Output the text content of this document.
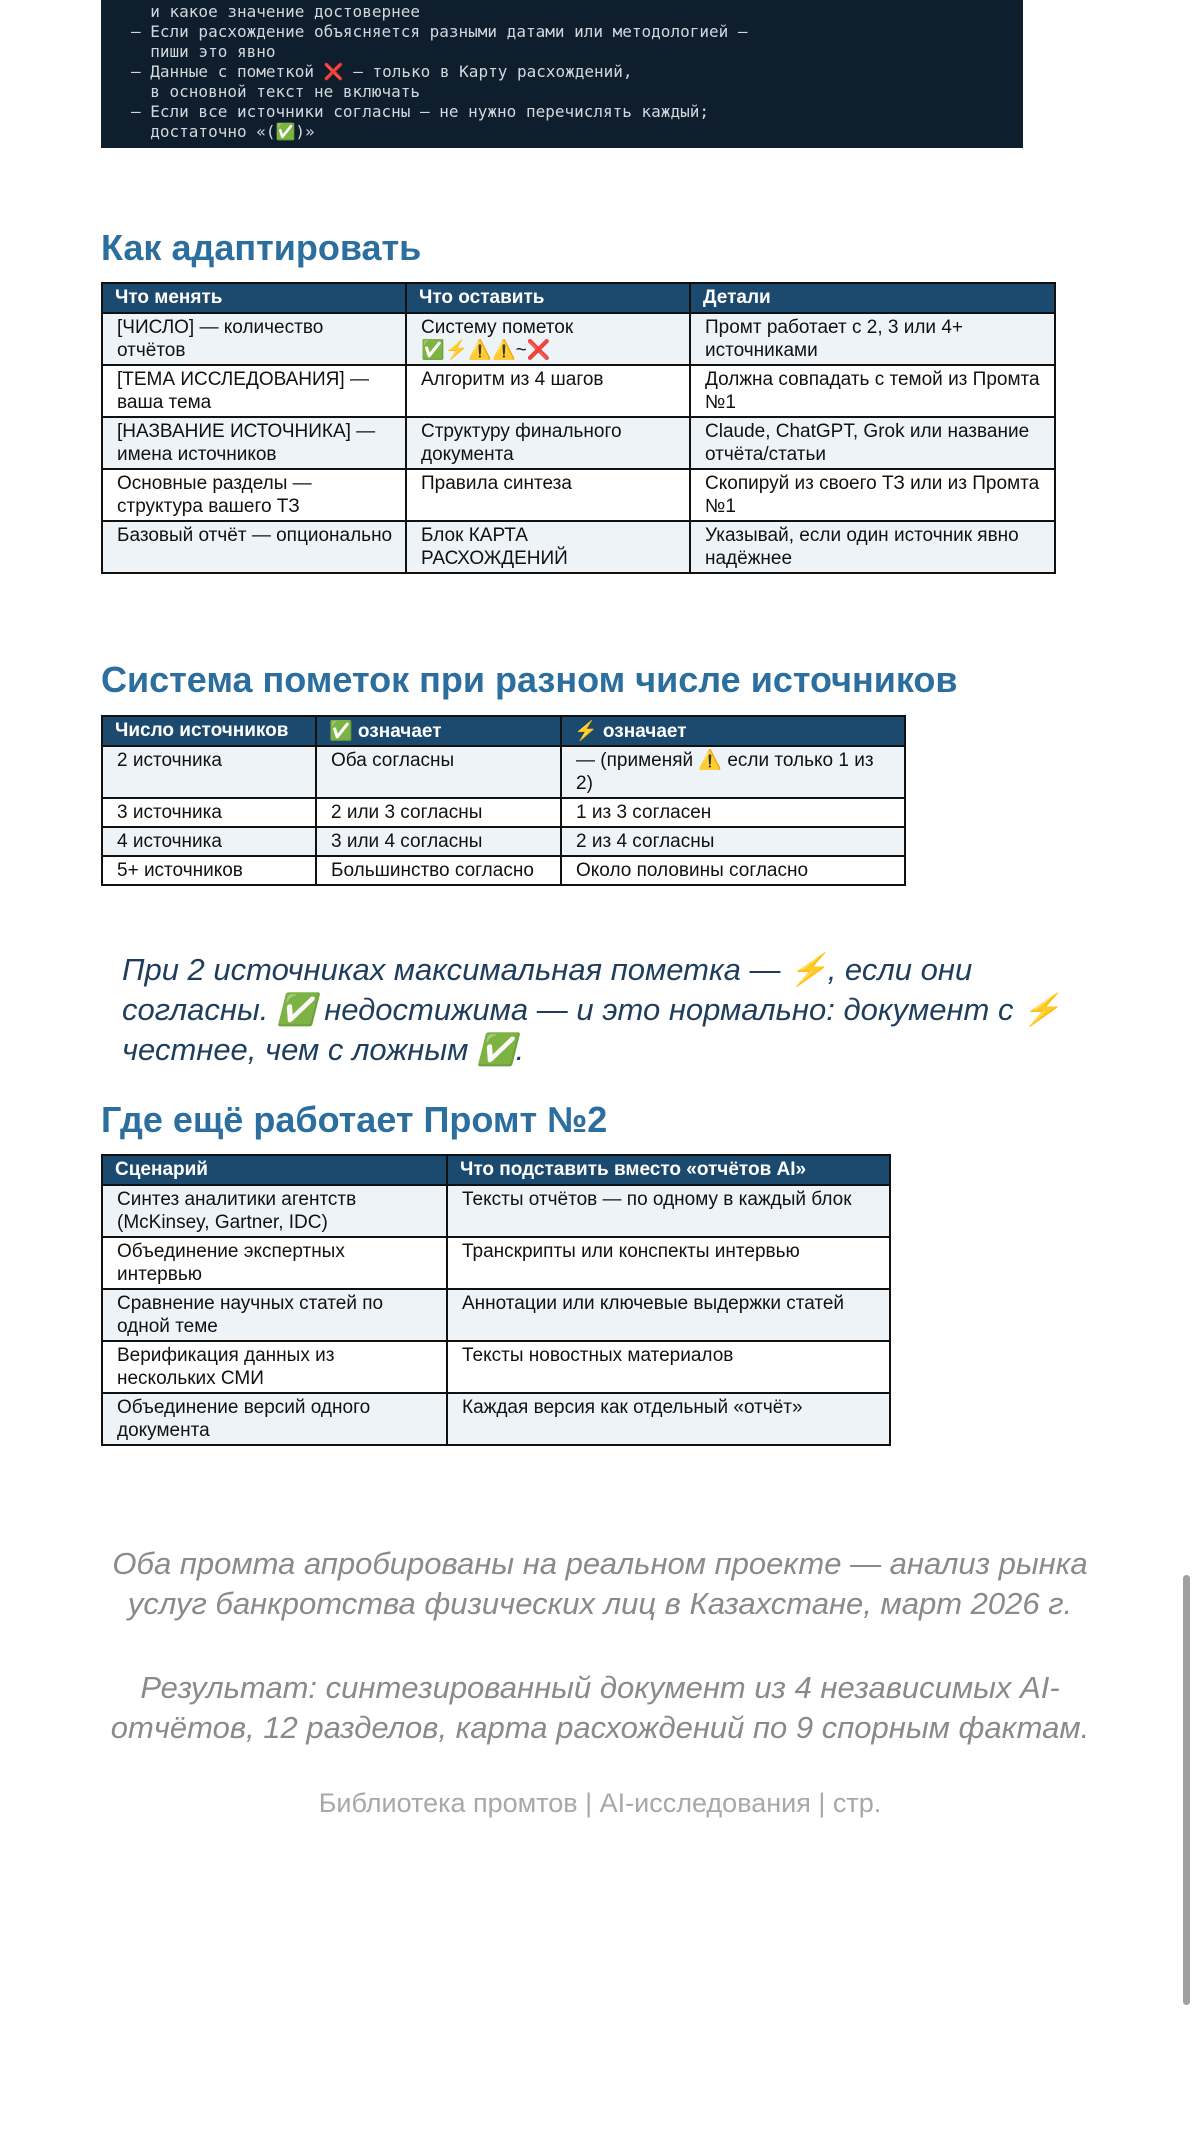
и какое значение достовернее
— Если расхождение объясняется разными датами или методологией —
пиши это явно
— Данные с пометкой ❌ — только в Карту расхождений,
в основной текст не включать
— Если все источники согласны — не нужно перечислять каждый;
достаточно «(✅)»
Как адаптировать
Что менять	Что оставить	Детали
[ЧИСЛО] — количество отчётов	Систему пометок ✅⚡⚠️⚠️~❌	Промт работает с 2, 3 или 4+ источниками
[ТЕМА ИССЛЕДОВАНИЯ] — ваша тема	Алгоритм из 4 шагов	Должна совпадать с темой из Промта №1
[НАЗВАНИЕ ИСТОЧНИКА] — имена источников	Структуру финального документа	Claude, ChatGPT, Grok или название отчёта/статьи
Основные разделы — структура вашего ТЗ	Правила синтеза	Скопируй из своего ТЗ или из Промта №1
Базовый отчёт — опционально	Блок КАРТА РАСХОЖДЕНИЙ	Указывай, если один источник явно надёжнее
Система пометок при разном числе источников
Число источников	✅ означает	⚡ означает
2 источника	Оба согласны	— (применяй ⚠️ если только 1 из 2)
3 источника	2 или 3 согласны	1 из 3 согласен
4 источника	3 или 4 согласны	2 из 4 согласны
5+ источников	Большинство согласно	Около половины согласно
При 2 источниках максимальная пометка — ⚡, если они согласны. ✅ недостижима — и это нормально: документ с ⚡ честнее, чем с ложным ✅.
Где ещё работает Промт №2
Сценарий	Что подставить вместо «отчётов AI»
Синтез аналитики агентств (McKinsey, Gartner, IDC)	Тексты отчётов — по одному в каждый блок
Объединение экспертных интервью	Транскрипты или конспекты интервью
Сравнение научных статей по одной теме	Аннотации или ключевые выдержки статей
Верификация данных из нескольких СМИ	Тексты новостных материалов
Объединение версий одного документа	Каждая версия как отдельный «отчёт»
Оба промта апробированы на реальном проекте — анализ рынка услуг банкротства физических лиц в Казахстане, март 2026 г.
Результат: синтезированный документ из 4 независимых AI-отчётов, 12 разделов, карта расхождений по 9 спорным фактам.
Библиотека промтов | AI-исследования | стр.
